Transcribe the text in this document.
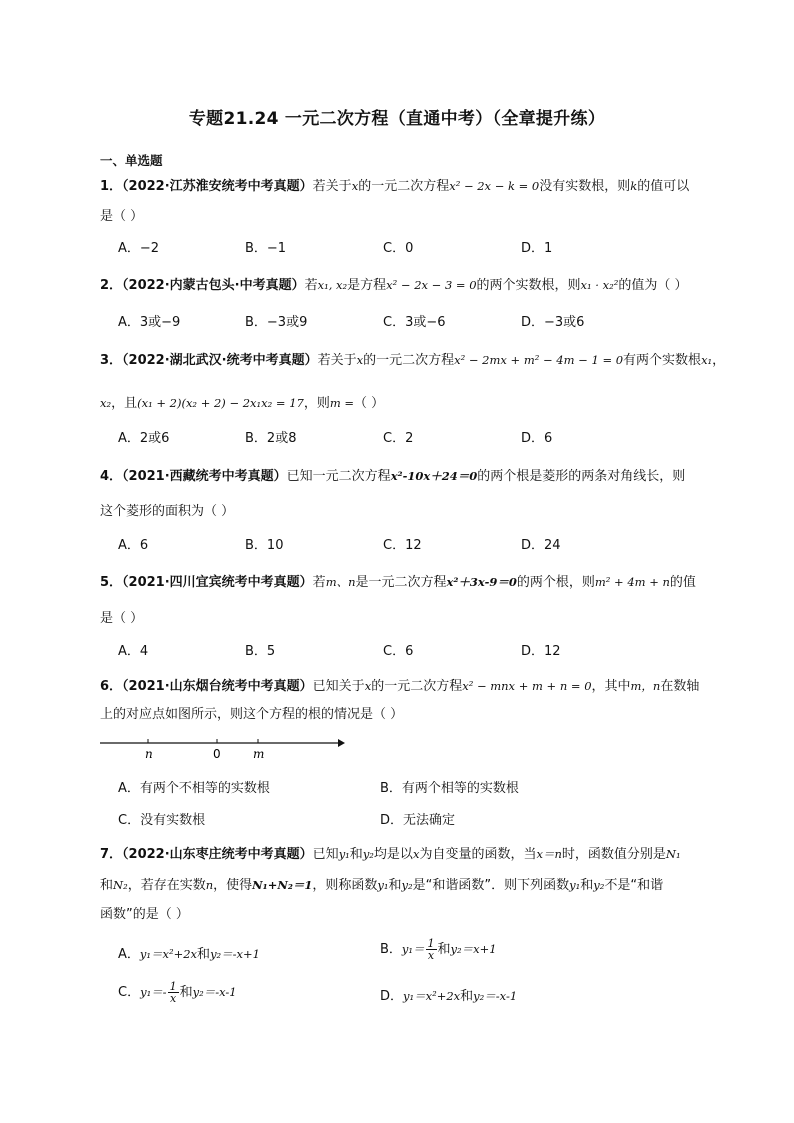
专题21.24 一元二次方程（直通中考）（全章提升练）
一、单选题
1．（2022·江苏淮安统考中考真题）若关于x的一元二次方程x² − 2x − k = 0没有实数根，则k的值可以
是（ ）
A．−2	B．−1	C．0	D．1
2．（2022·内蒙古包头·中考真题）若x₁, x₂是方程x² − 2x − 3 = 0的两个实数根，则x₁ · x₂²的值为（ ）
A．3或−9	B．−3或9	C．3或−6	D．−3或6
3．（2022·湖北武汉·统考中考真题）若关于x的一元二次方程x² − 2mx + m² − 4m − 1 = 0有两个实数根x₁，
x₂，且(x₁ + 2)(x₂ + 2) − 2x₁x₂ = 17，则m =（ ）
A．2或6	B．2或8	C．2	D．6
4．（2021·西藏统考中考真题）已知一元二次方程x²-10x＋24＝0的两个根是菱形的两条对角线长，则
这个菱形的面积为（ ）
A．6	B．10	C．12	D．24
5．（2021·四川宜宾统考中考真题）若m、n是一元二次方程x²＋3x-9＝0的两个根，则m² + 4m + n的值
是（ ）
A．4	B．5	C．6	D．12
6．（2021·山东烟台统考中考真题）已知关于x的一元二次方程x² − mnx + m + n = 0，其中m，n在数轴
上的对应点如图所示，则这个方程的根的情况是（ ）
n	0	m
A．有两个不相等的实数根	B．有两个相等的实数根
C．没有实数根	D．无法确定
7．（2022·山东枣庄统考中考真题）已知y₁和y₂均是以x为自变量的函数，当x＝n时，函数值分别是N₁
和N₂，若存在实数n，使得N₁+N₂＝1，则称函数y₁和y₂是“和谐函数”．则下列函数y₁和y₂不是“和谐
函数”的是（ ）
A．y₁＝x²+2x和y₂＝-x+1	B．$y_1= \frac{1}{x}$ 和y₂＝x+1
C．$y_1=- \frac{1}{x}$ 和y₂＝-x-1	D．y₁＝x²+2x和y₂＝-x-1
